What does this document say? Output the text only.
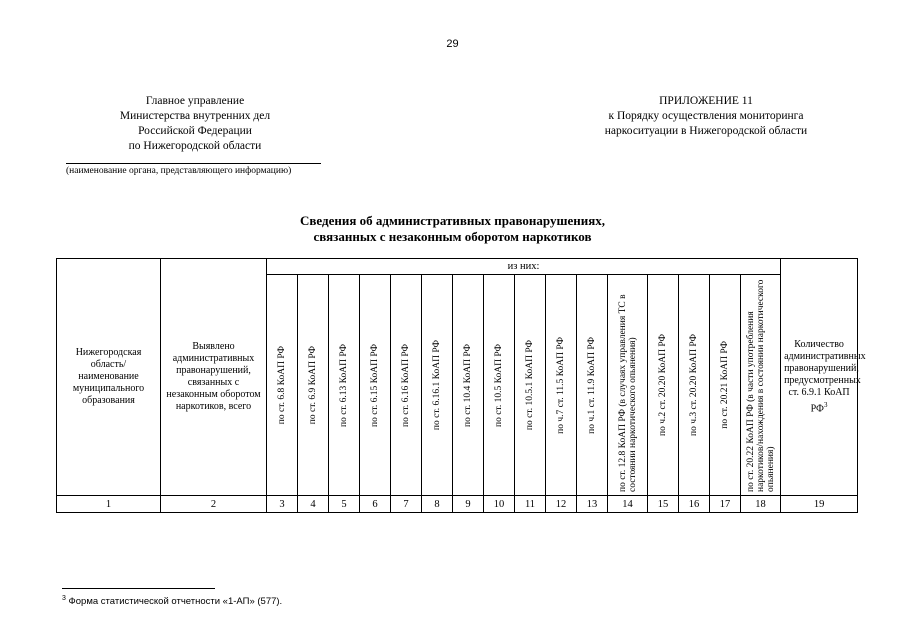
29
Главное управление
Министерства внутренних дел
Российской Федерации
по Нижегородской области
ПРИЛОЖЕНИЕ 11
к Порядку осуществления мониторинга
наркоситуации в Нижегородской области
(наименование органа, представляющего информацию)
Сведения об административных правонарушениях,
связанных с незаконным оборотом наркотиков
Нижегородская область/ наименование муниципального образования	Выявлено административных правонарушений, связанных с незаконным оборотом наркотиков, всего	из них:																Количество административных правонарушений, предусмотренных ст. 6.9.1 КоАП $РФ^3$

		по ст. 6.8 КоАП РФ	по ст. 6.9 КоАП РФ	по ст. 6.13 КоАП РФ	по ст. 6.15 КоАП РФ	по ст. 6.16 КоАП РФ	по ст. 6.16.1 КоАП РФ	по ст. 10.4 КоАП РФ	по ст. 10.5 КоАП РФ	по ст. 10.5.1 КоАП РФ	по ч.7 ст. 11.5 КоАП РФ	по ч.1 ст. 11.9 КоАП РФ	по ст. 12.8 КоАП РФ (в случаях управления ТС в состоянии наркотического опьянения)	по ч.2 ст. 20.20 КоАП РФ	по ч.3 ст. 20.20 КоАП РФ	по ст. 20.21 КоАП РФ	по ст. 20.22 КоАП РФ (в части употребления наркотиков/нахождения в состоянии наркотического опьянения)	

1	2	3	4	5	6	7	8	9	10	11	12	13	14	15	16	17	18	19
$^3$ Форма статистической отчетности «1-АП» (577).
